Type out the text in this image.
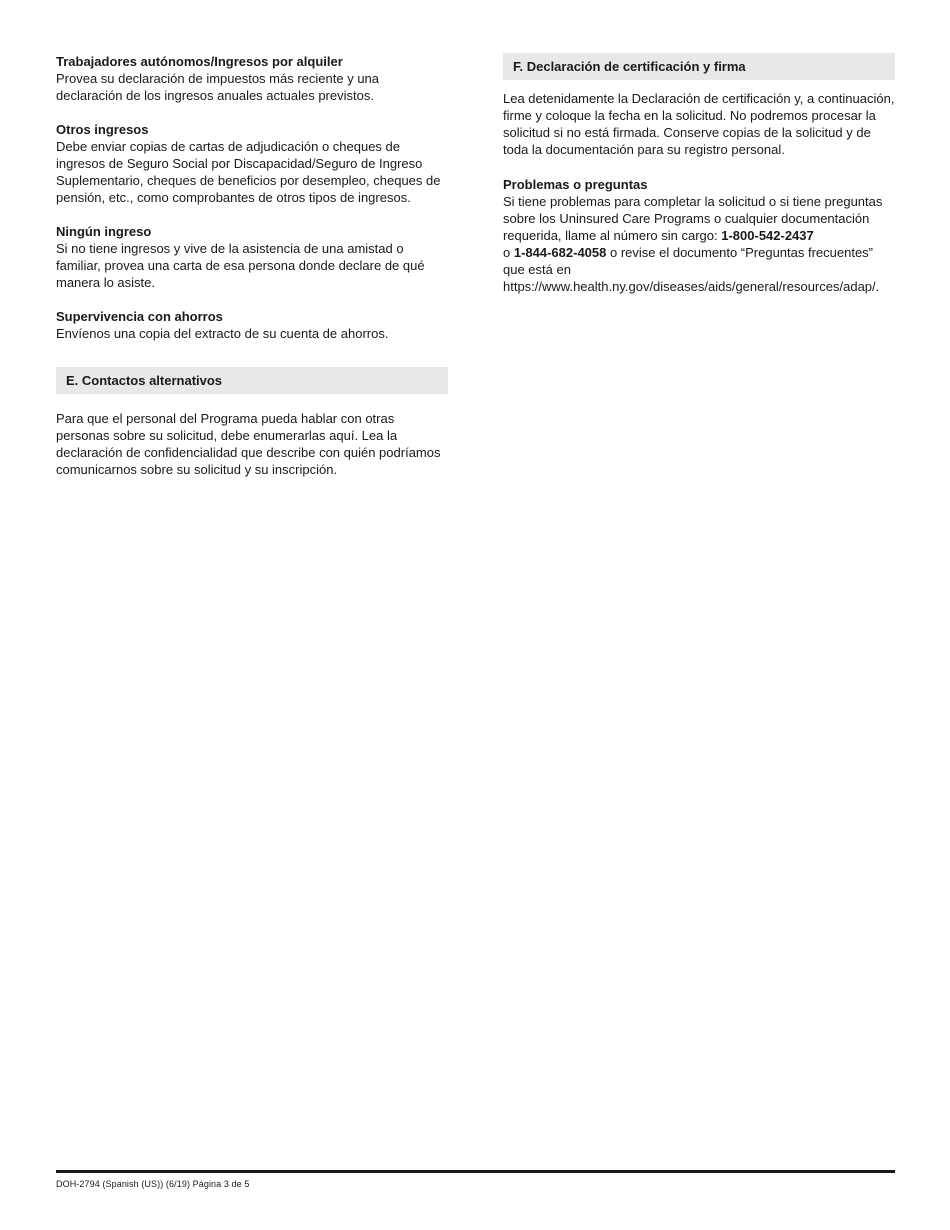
Trabajadores autónomos/Ingresos por alquiler

Provea su declaración de impuestos más reciente y una declaración de los ingresos anuales actuales previstos.

Otros ingresos

Debe enviar copias de cartas de adjudicación o cheques de ingresos de Seguro Social por Discapacidad/Seguro de Ingreso Suplementario, cheques de beneficios por desempleo, cheques de pensión, etc., como comprobantes de otros tipos de ingresos.

Ningún ingreso

Si no tiene ingresos y vive de la asistencia de una amistad o familiar, provea una carta de esa persona donde declare de qué manera lo asiste.

Supervivencia con ahorros

Envíenos una copia del extracto de su cuenta de ahorros.

E. Contactos alternativos

Para que el personal del Programa pueda hablar con otras personas sobre su solicitud, debe enumerarlas aquí. Lea la declaración de confidencialidad que describe con quién podríamos comunicarnos sobre su solicitud y su inscripción.

F. Declaración de certificación y firma

Lea detenidamente la Declaración de certificación y, a continuación, firme y coloque la fecha en la solicitud. No podremos procesar la solicitud si no está firmada. Conserve copias de la solicitud y de toda la documentación para su registro personal.

Problemas o preguntas

Si tiene problemas para completar la solicitud o si tiene preguntas sobre los Uninsured Care Programs o cualquier documentación requerida, llame al número sin cargo: 1-800-542-2437
o 1-844-682-4058 o revise el documento “Preguntas frecuentes” que está en
https://www.health.ny.gov/diseases/aids/general/resources/adap/.

DOH-2794 (Spanish (US)) (6/19) Página 3 de 5
